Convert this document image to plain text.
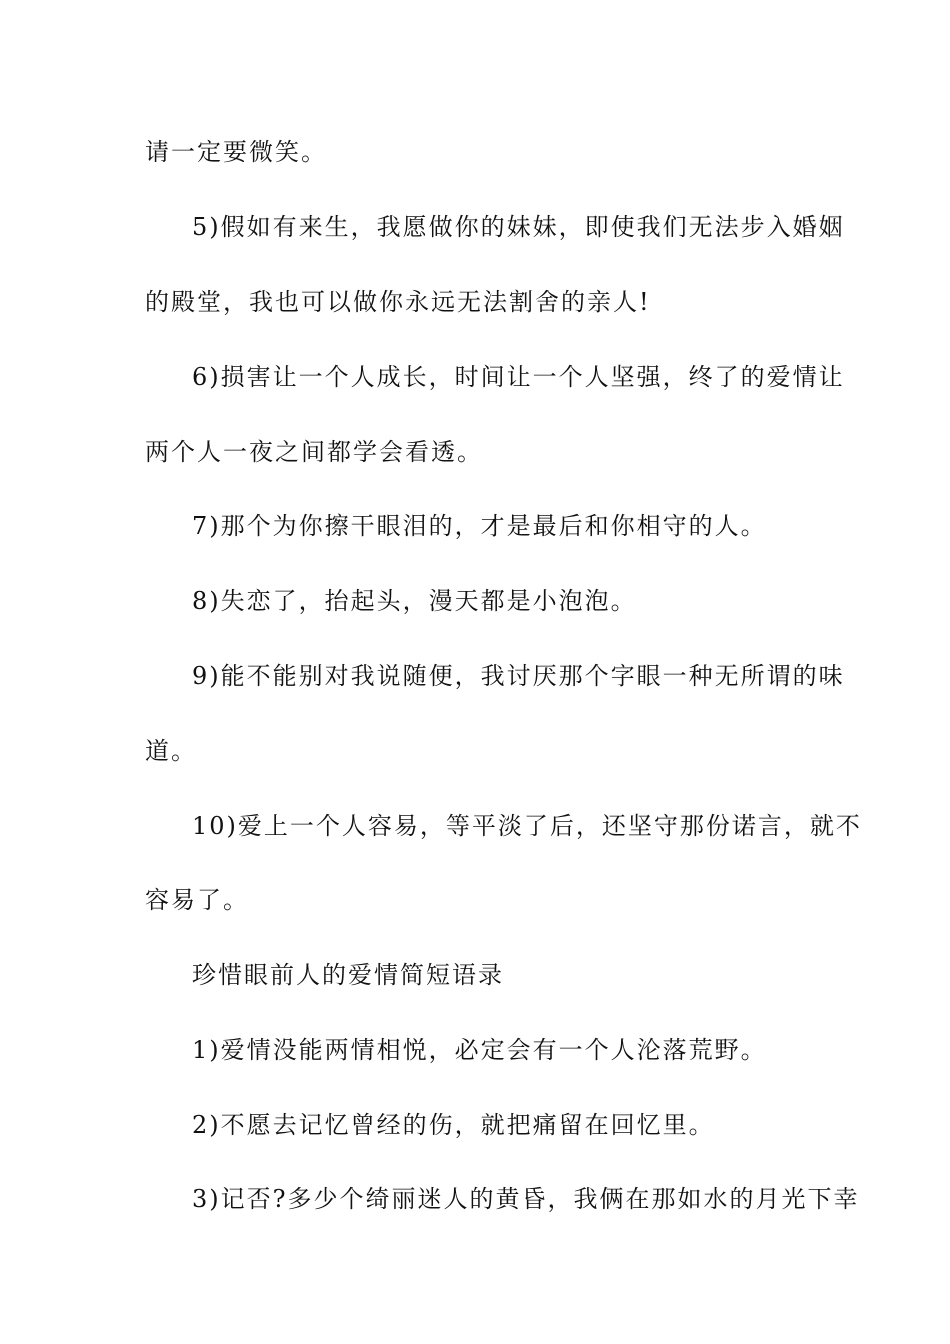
请一定要微笑。
5)假如有来生，我愿做你的妹妹，即使我们无法步入婚姻
的殿堂，我也可以做你永远无法割舍的亲人!
6)损害让一个人成长，时间让一个人坚强，终了的爱情让
两个人一夜之间都学会看透。
7)那个为你擦干眼泪的，才是最后和你相守的人。
8)失恋了，抬起头，漫天都是小泡泡。
9)能不能别对我说随便，我讨厌那个字眼一种无所谓的味
道。
10)爱上一个人容易，等平淡了后，还坚守那份诺言，就不
容易了。
珍惜眼前人的爱情简短语录
1)爱情没能两情相悦，必定会有一个人沦落荒野。
2)不愿去记忆曾经的伤，就把痛留在回忆里。
3)记否?多少个绮丽迷人的黄昏，我俩在那如水的月光下幸
